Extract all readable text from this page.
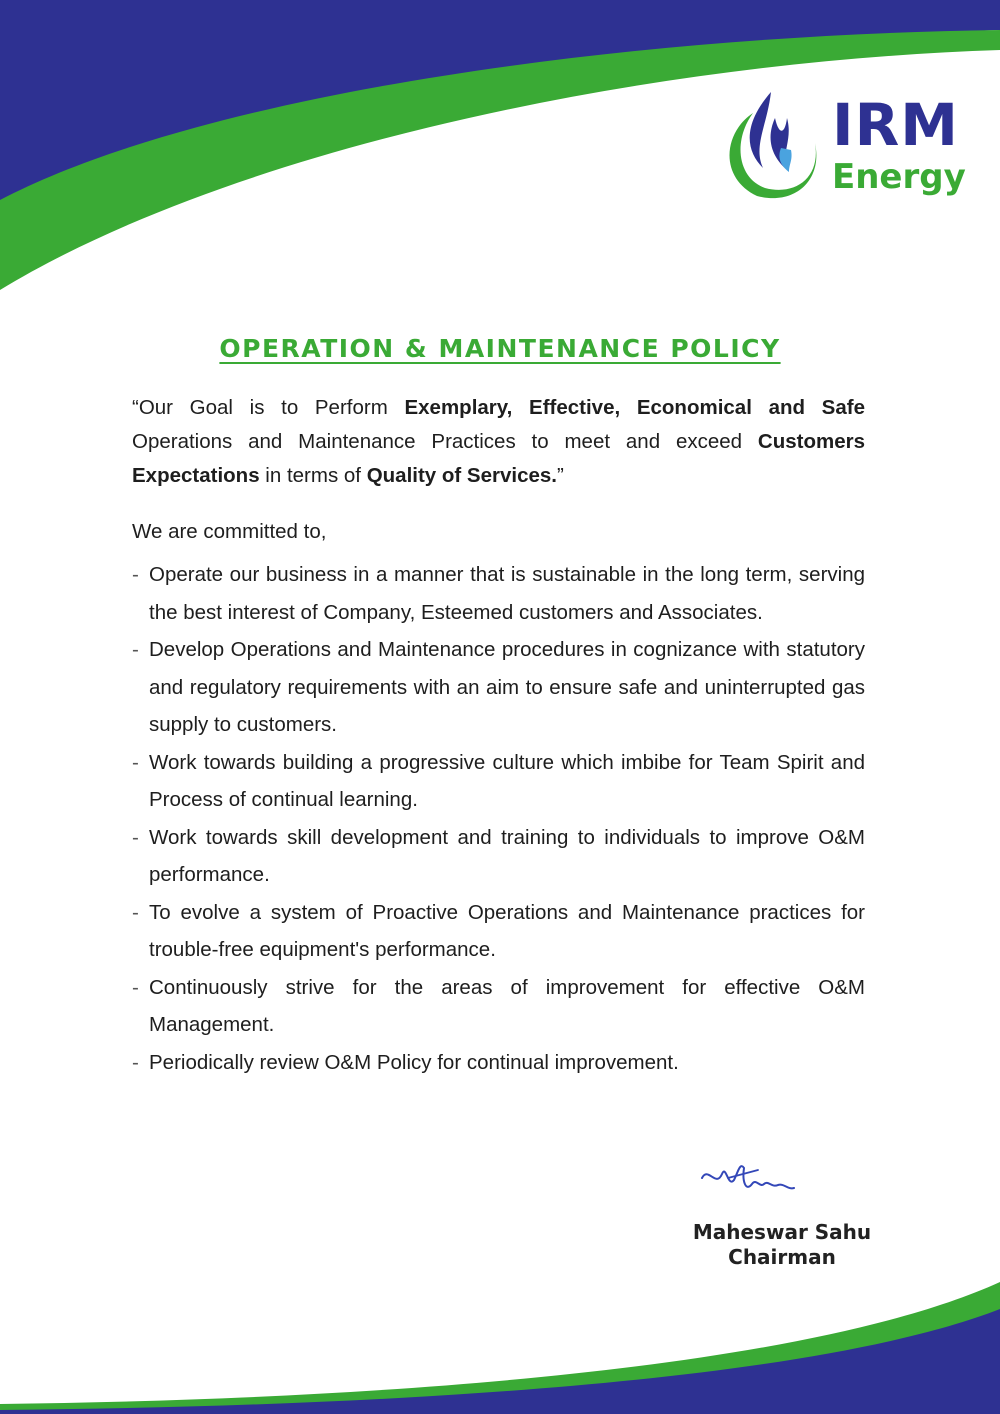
IRM
Energy
OPERATION & MAINTENANCE POLICY
“Our Goal is to Perform Exemplary, Effective, Economical and Safe Operations and Maintenance Practices to meet and exceed Customers Expectations in terms of Quality of Services.”
We are committed to,
- Operate our business in a manner that is sustainable in the long term, serving the best interest of Company, Esteemed customers and Associates.
- Develop Operations and Maintenance procedures in cognizance with statutory and regulatory requirements with an aim to ensure safe and uninterrupted gas supply to customers.
- Work towards building a progressive culture which imbibe for Team Spirit and Process of continual learning.
- Work towards skill development and training to individuals to improve O&M performance.
- To evolve a system of Proactive Operations and Maintenance practices for trouble-free equipment's performance.
- Continuously strive for the areas of improvement for effective O&M Management.
- Periodically review O&M Policy for continual improvement.
Maheswar Sahu
Chairman
